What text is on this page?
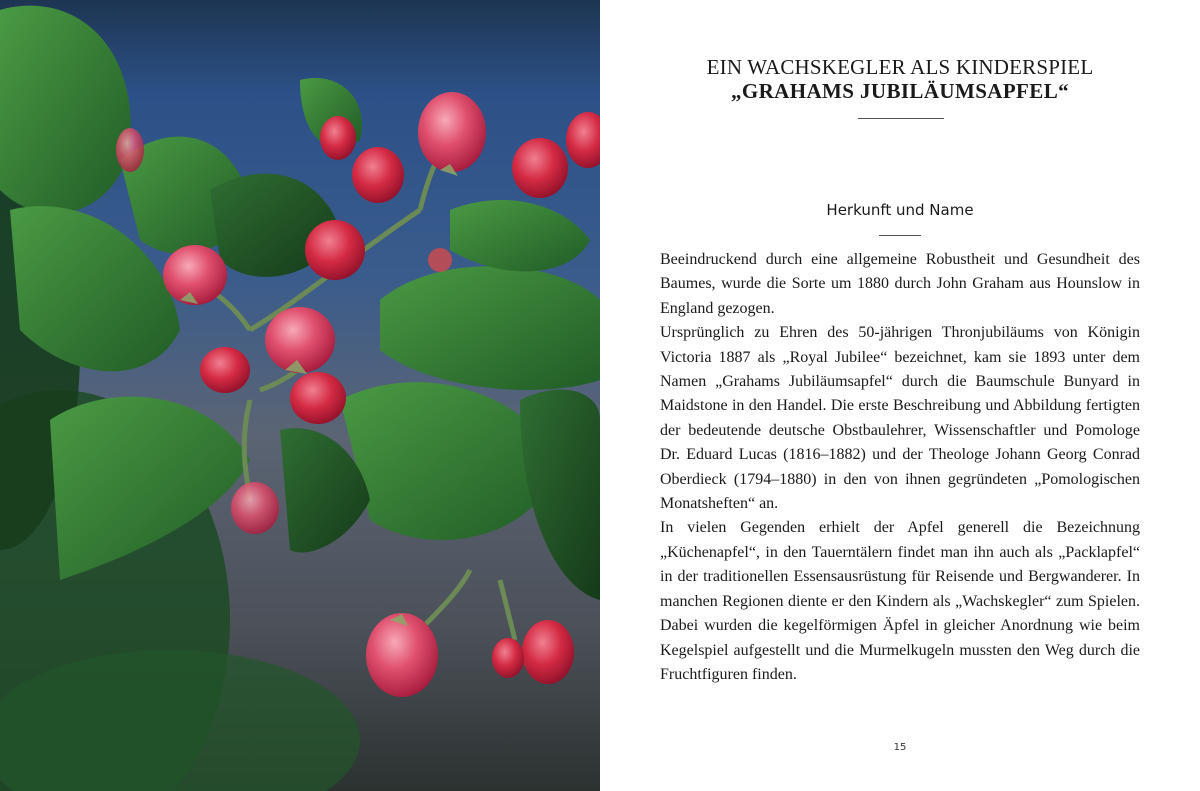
EIN WACHSKEGLER ALS KINDERSPIEL
„GRAHAMS JUBILÄUMSAPFEL“
Herkunft und Name

Beeindruckend durch eine allgemeine Robustheit und Gesundheit des Baumes, wurde die Sorte um 1880 durch John Graham aus Hounslow in England gezogen.

Ursprünglich zu Ehren des 50-jährigen Thronjubiläums von Königin Victoria 1887 als „Royal Jubilee“ bezeichnet, kam sie 1893 unter dem Namen „Grahams Jubiläumsapfel“ durch die Baumschule Bunyard in Maidstone in den Handel. Die erste Beschreibung und Abbildung fertigten der bedeutende deutsche Obstbaulehrer, Wissenschaftler und Pomologe Dr. Eduard Lucas (1816–1882) und der Theologe Johann Georg Conrad Oberdieck (1794–1880) in den von ihnen gegründeten „Pomologischen Monatsheften“ an.

In vielen Gegenden erhielt der Apfel generell die Bezeichnung „Küchenapfel“, in den Tauerntälern findet man ihn auch als „Packlapfel“ in der traditionellen Essensausrüstung für Reisende und Bergwanderer. In manchen Regionen diente er den Kindern als „Wachskegler“ zum Spielen. Dabei wurden die kegelförmigen Äpfel in gleicher Anordnung wie beim Kegelspiel aufgestellt und die Murmelkugeln mussten den Weg durch die Fruchtfiguren finden.

15
